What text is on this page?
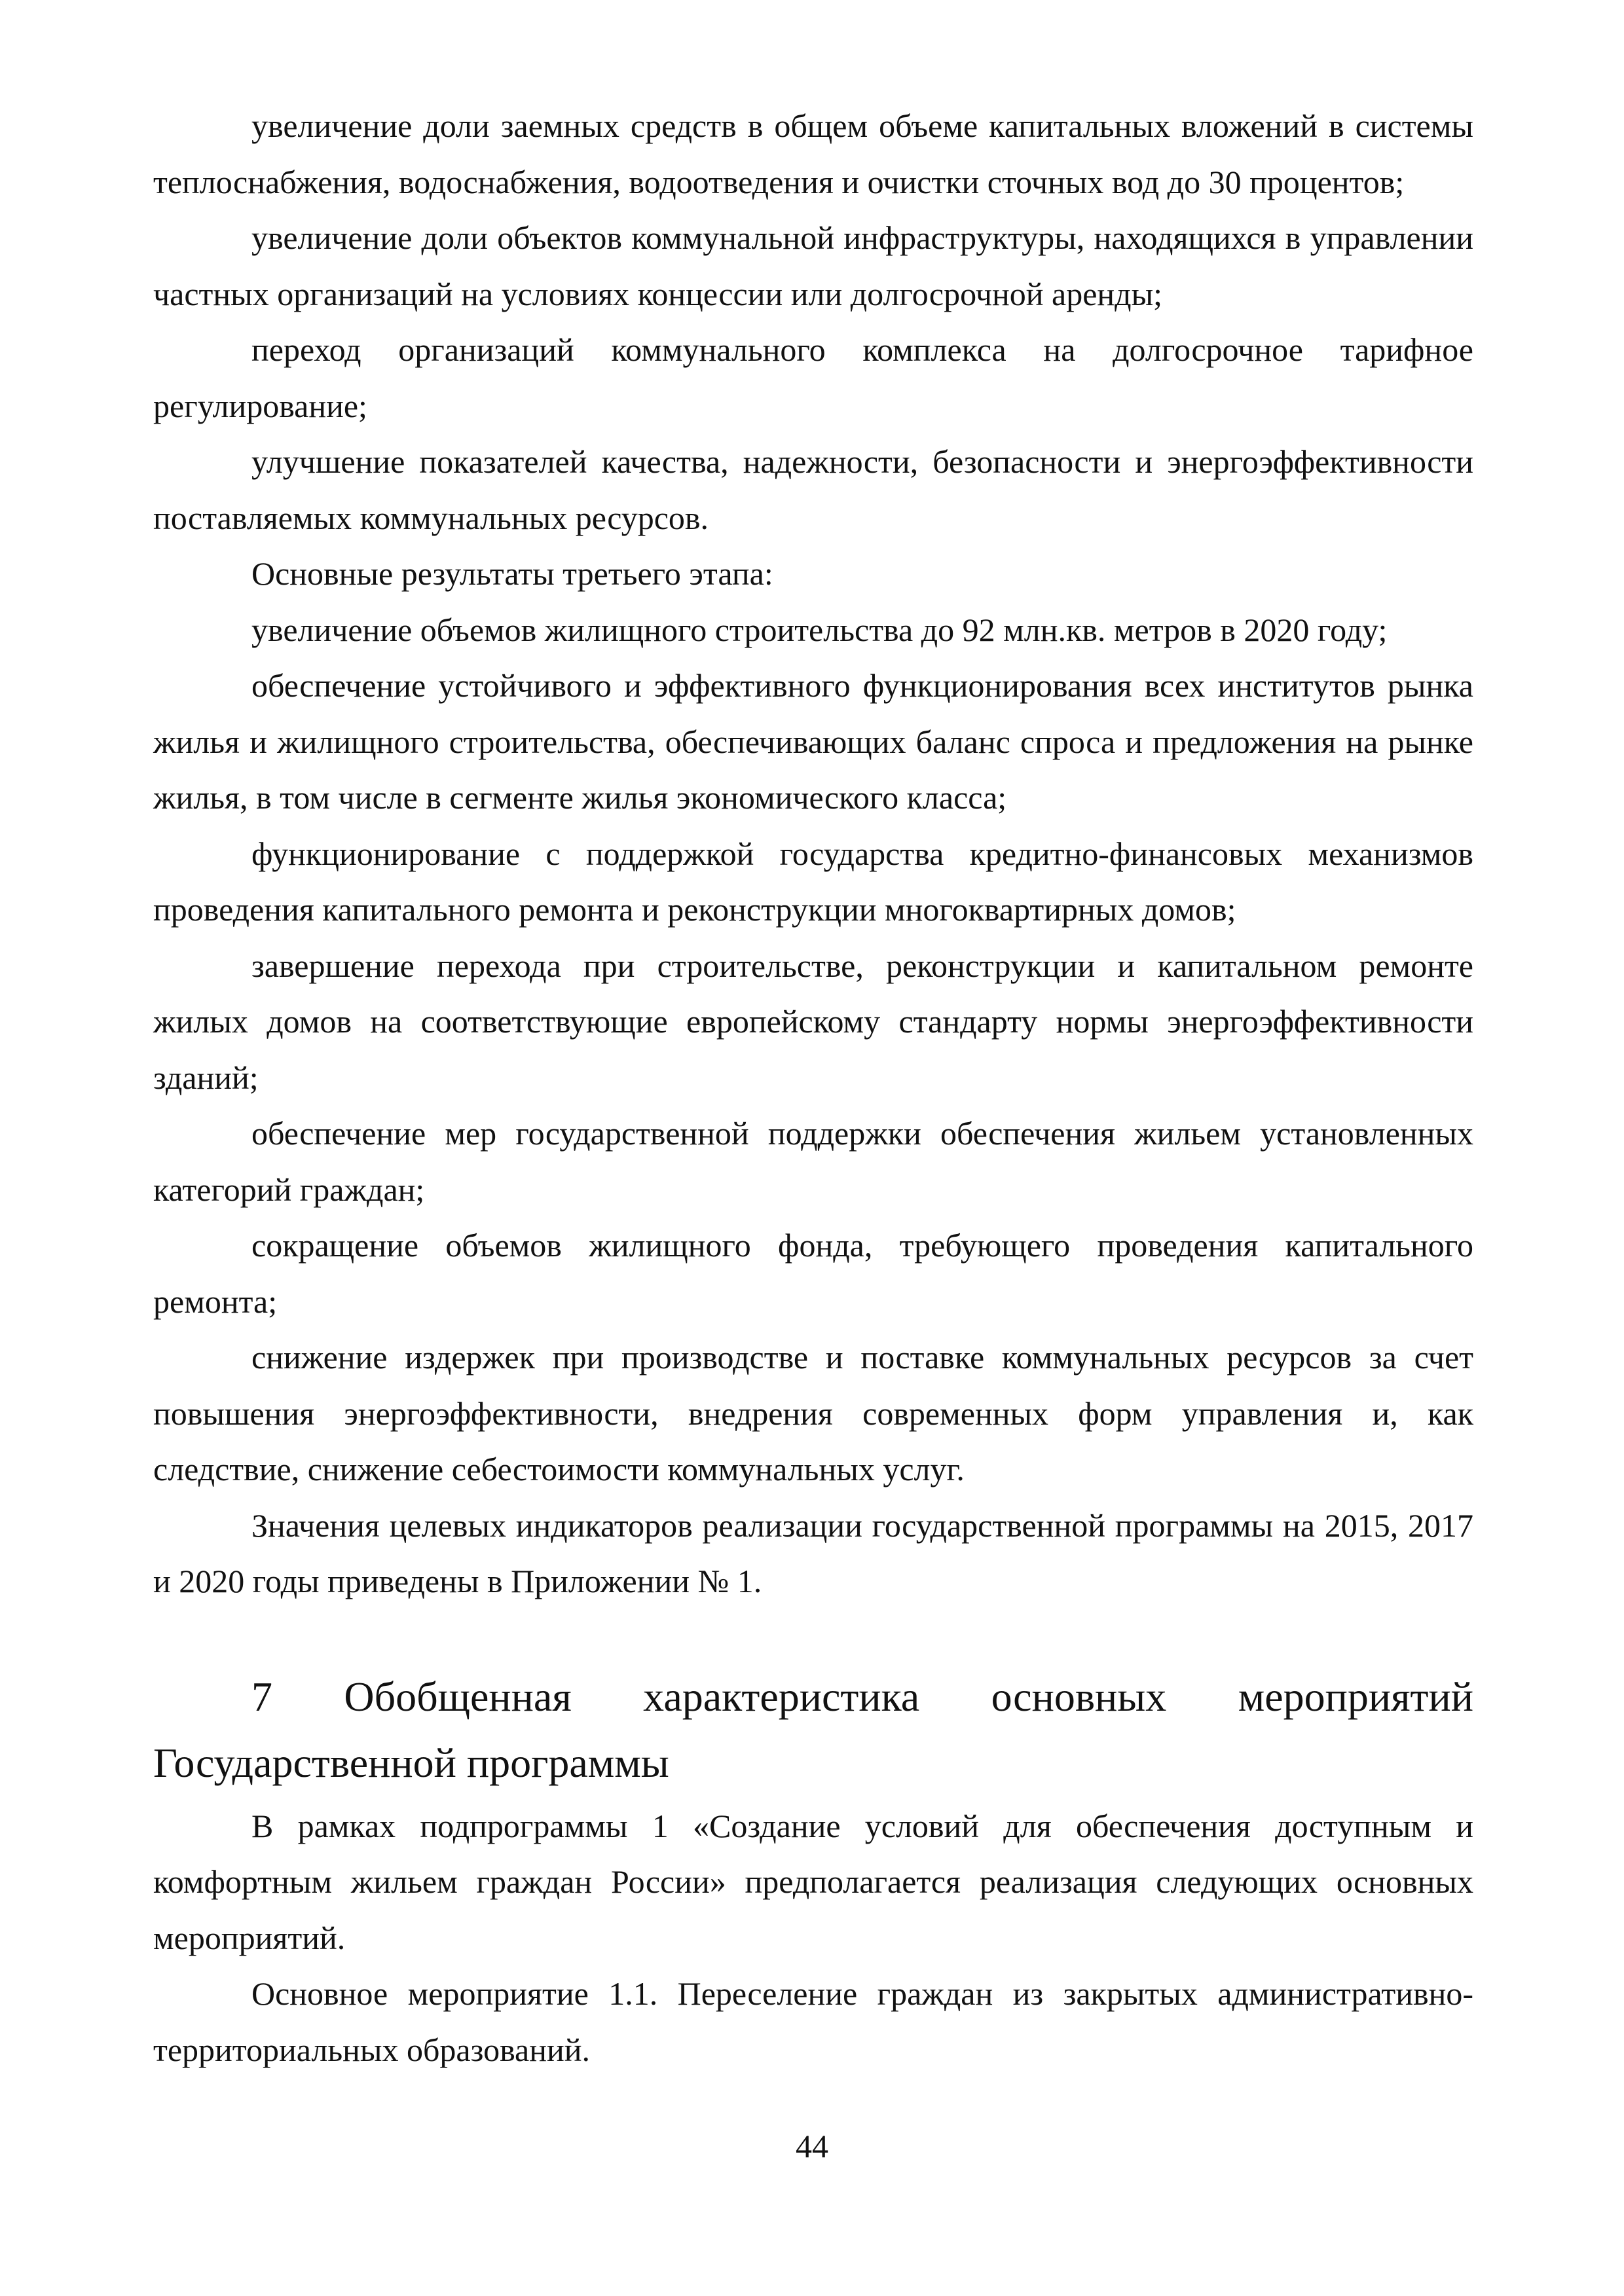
увеличение доли заемных средств в общем объеме капитальных вложений в системы теплоснабжения, водоснабжения, водоотведения и очистки сточных вод до 30 процентов;

увеличение доли объектов коммунальной инфраструктуры, находящихся в управлении частных организаций на условиях концессии или долгосрочной аренды;

переход организаций коммунального комплекса на долгосрочное тарифное регулирование;

улучшение показателей качества, надежности, безопасности и энергоэффективности поставляемых коммунальных ресурсов.

Основные результаты третьего этапа:

увеличение объемов жилищного строительства до 92 млн.кв. метров в 2020 году;

обеспечение устойчивого и эффективного функционирования всех институтов рынка жилья и жилищного строительства, обеспечивающих баланс спроса и предложения на рынке жилья, в том числе в сегменте жилья экономического класса;

функционирование с поддержкой государства кредитно-финансовых механизмов проведения капитального ремонта и реконструкции многоквартирных домов;

завершение перехода при строительстве, реконструкции и капитальном ремонте жилых домов на соответствующие европейскому стандарту нормы энергоэффективности зданий;

обеспечение мер государственной поддержки обеспечения жильем установленных категорий граждан;

сокращение объемов жилищного фонда, требующего проведения капитального ремонта;

снижение издержек при производстве и поставке коммунальных ресурсов за счет повышения энергоэффективности, внедрения современных форм управления и, как следствие, снижение себестоимости коммунальных услуг.

Значения целевых индикаторов реализации государственной программы на 2015, 2017 и 2020 годы приведены в Приложении № 1.

7 Обобщенная характеристика основных мероприятий Государственной программы

В рамках подпрограммы 1 «Создание условий для обеспечения доступным и комфортным жильем граждан России» предполагается реализация следующих основных мероприятий.

Основное мероприятие 1.1. Переселение граждан из закрытых административно-территориальных образований.

44
